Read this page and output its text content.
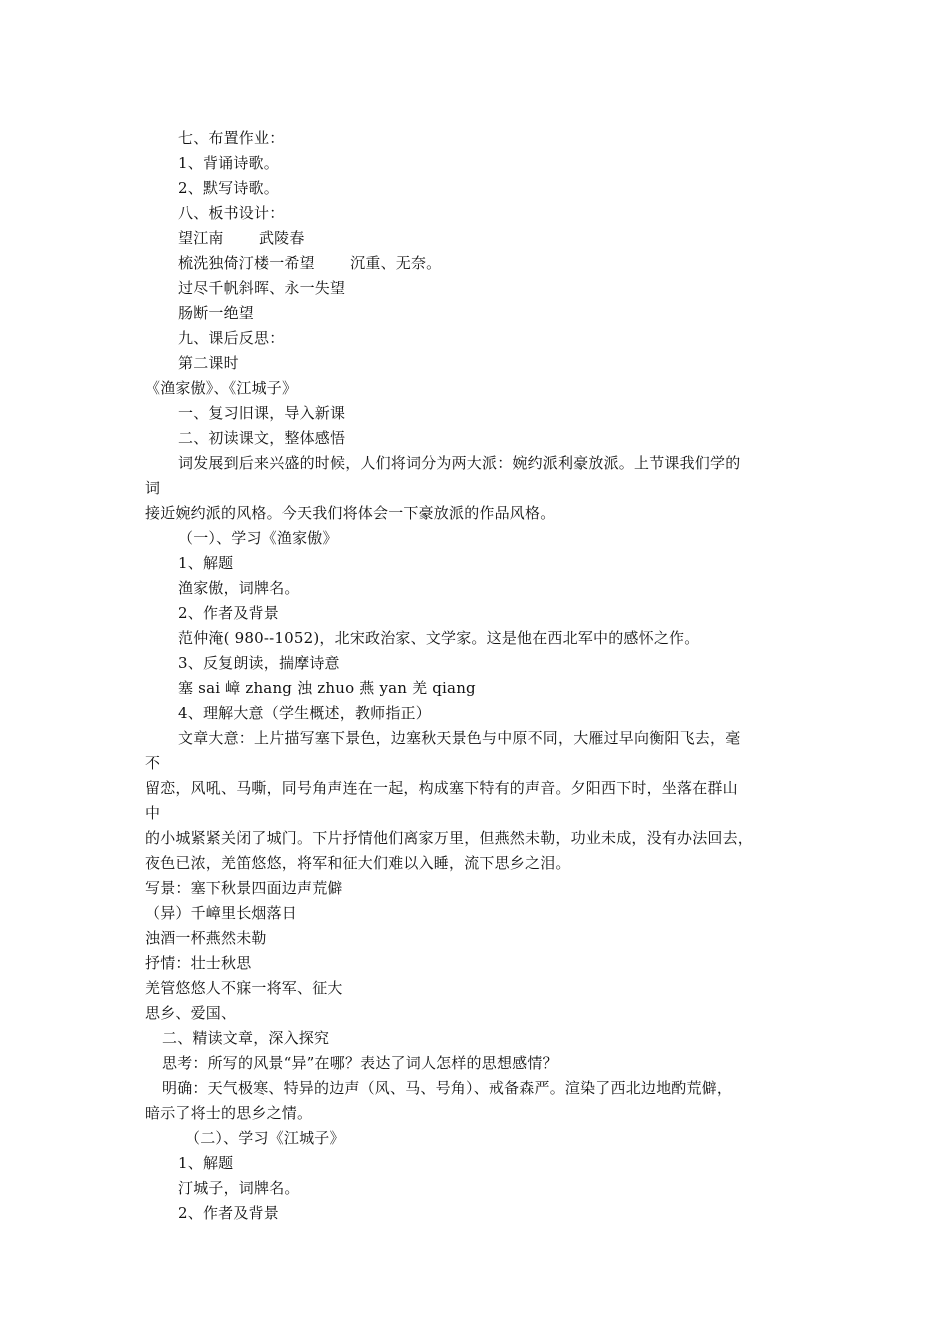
七、布置作业：
1、背诵诗歌。
2、默写诗歌。
八、板书设计：
望江南　　 武陵春
梳洗独倚汀楼一希望　　 沉重、无奈。
过尽千帆斜晖、永一失望
肠断一绝望
九、课后反思：
第二课时
《渔家傲》、《江城子》
一、复习旧课，导入新课
二、初读课文，整体感悟
词发展到后来兴盛的时候，人们将词分为两大派：婉约派利豪放派。上节课我们学的
词
接近婉约派的风格。今天我们将体会一下豪放派的作品风格。
（一）、学习《渔家傲》
1、解题
渔家傲，词牌名。
2、作者及背景
范仲淹( 980--1052)，北宋政治家、文学家。这是他在西北军中的感怀之作。
3、反复朗读，揣摩诗意
塞 sai 嶂 zhang 浊 zhuo 燕 yan 羌 qiang
4、理解大意（学生概述，教师指正）
文章大意：上片描写塞下景色，边塞秋天景色与中原不同，大雁过早向衡阳飞去，毫
不
留恋，风吼、马嘶，同号角声连在一起，构成塞下特有的声音。夕阳西下时，坐落在群山
中
的小城紧紧关闭了城门。下片抒情他们离家万里，但燕然未勒，功业未成，没有办法回去，
夜色已浓，羌笛悠悠，将军和征大们难以入睡，流下思乡之泪。
写景：塞下秋景四面边声荒僻
（异）千嶂里长烟落日
浊酒一杯燕然未勒
抒情：壮士秋思
羌管悠悠人不寐一将军、征大
思乡、爱国、
二、精读文章，深入探究
思考：所写的风景“异”在哪？表达了词人怎样的思想感情？
明确：天气极寒、特异的边声（风、马、号角）、戒备森严。渲染了西北边地酌荒僻，
暗示了将士的思乡之情。
（二）、学习《江城子》
1、解题
汀城子，词牌名。
2、作者及背景
